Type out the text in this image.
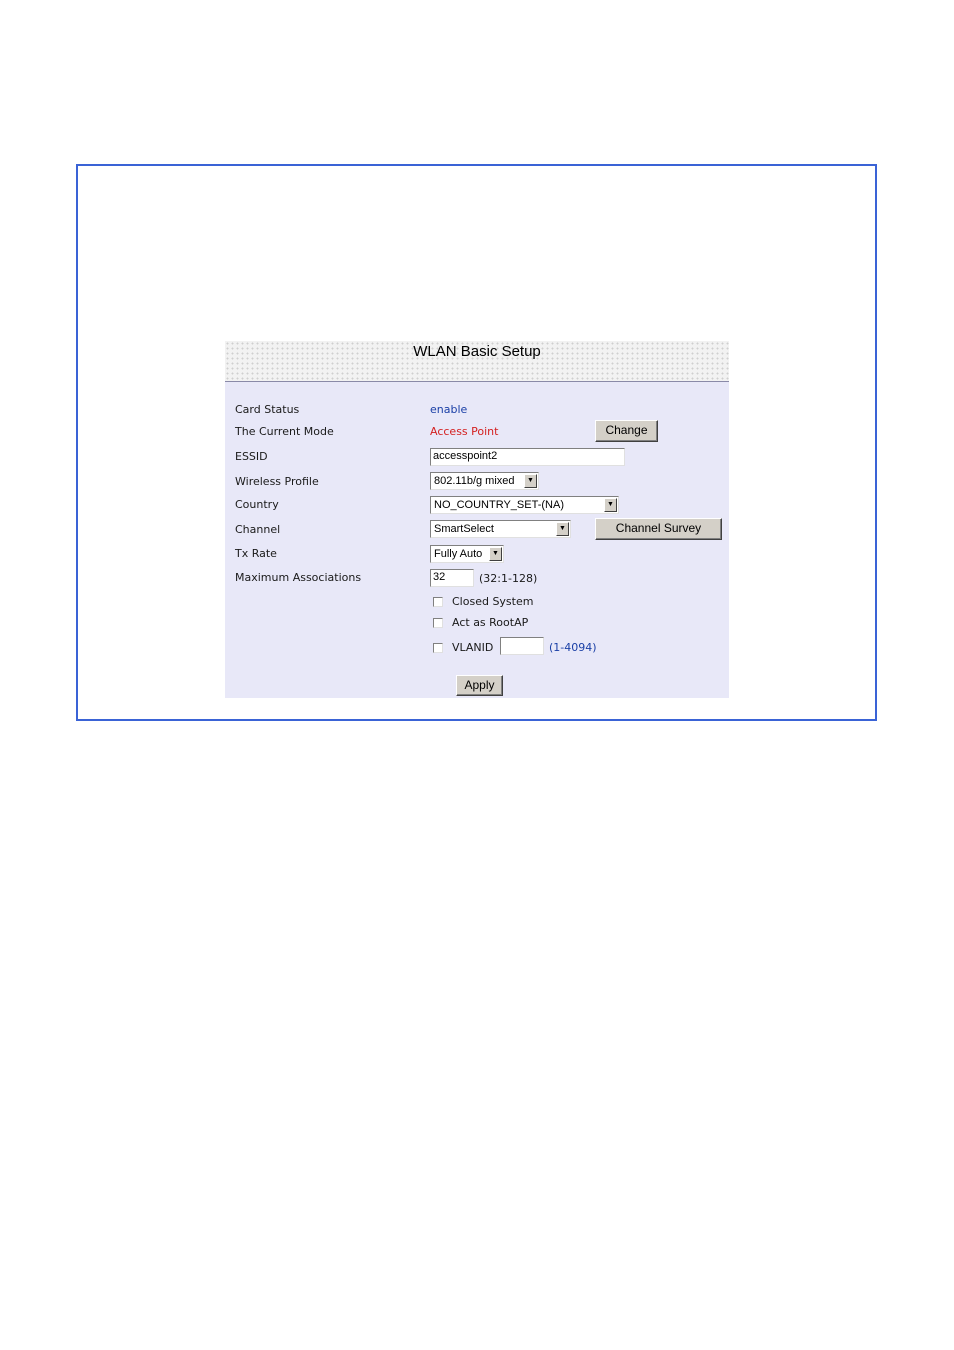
WLAN Basic Setup
Card Status	enable
The Current Mode	Access Point	Change
ESSID	accesspoint2
Wireless Profile	802.11b/g mixed	▼
Country	NO_COUNTRY_SET-(NA)	▼
Channel	SmartSelect	▼	Channel Survey
Tx Rate	Fully Auto	▼
Maximum Associations	32	(32:1-128)
Closed System
Act as RootAP
VLANID	(1-4094)
Apply
